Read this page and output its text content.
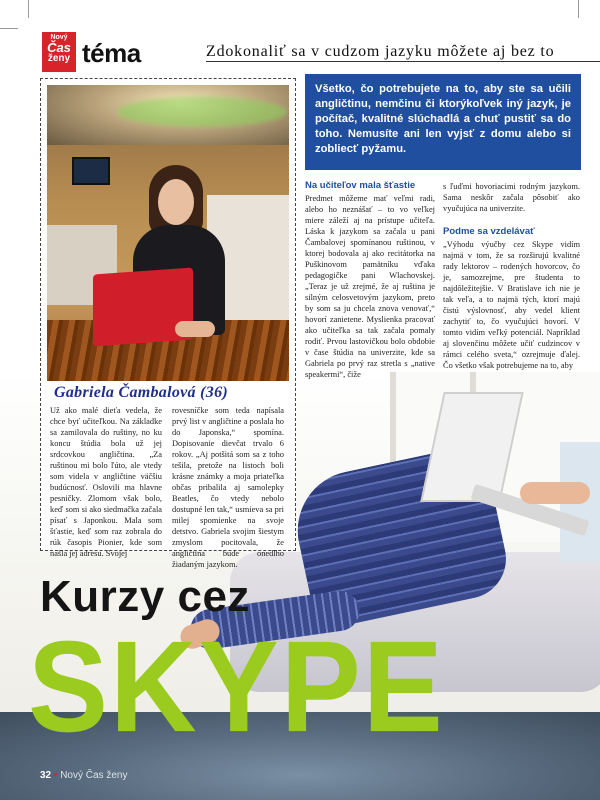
Nový
Čas
ženy téma	Zdokonaliť sa v cudzom jazyku môžete aj bez to
Všetko, čo potrebujete na to, aby ste sa učili angličtinu, nemčinu či ktorýkoľvek iný jazyk, je počítač, kvalitné slúchadlá a chuť pustiť sa do toho. Nemusíte ani len vyjsť z domu alebo si zobliecť pyžamu.
Na učiteľov mala šťastie
Predmet môžeme mať veľmi radi, alebo ho neznášať – to vo veľkej miere záleží aj na prístupe učiteľa. Láska k jazykom sa začala u pani Čambalovej spomínanou ruštinou, v ktorej bodovala aj ako recitátorka na Puškinovom pamätníku vďaka pedagogičke pani Wlachovskej. „Teraz je už zrejmé, že aj ruština je silným celosvetovým jazykom, preto by som sa ju chcela znova venovať,“ hovorí zanietene. Myslienka pracovať ako učiteľka sa tak začala pomaly rodiť. Prvou lastovičkou bolo obdobie v čase štúdia na univerzite, kde sa Gabriela po prvý raz stretla s „native speakermi“, čiže
s ľuďmi hovoriacimi rodným jazykom. Sama neskôr začala pôsobiť ako vyučujúca na univerzite.
Podme sa vzdelávať
„Výhodu výučby cez Skype vidím najmä v tom, že sa rozširujú kvalitné rady lektorov – rodených hovorcov, čo je, samozrejme, pre študenta to najdôležitejšie. V Bratislave ich nie je tak veľa, a to najmä tých, ktorí majú čistú výslovnosť, aby vedel klient zachytiť to, čo vyučujúci hovorí. V tomto vidím veľký potenciál. Napríklad aj slovenčinu môžete učiť cudzincov v rámci celého sveta,“ ozrejmuje ďalej. Čo všetko však potrebujeme na to, aby
Gabriela Čambalová (36)
Už ako malé dieťa vedela, že chce byť učiteľkou. Na základke sa zamilovala do ruštiny, no ku koncu štúdia bola už jej srdcovkou angličtina. „Za ruštinou mi bolo ľúto, ale vtedy som videla v angličtine väčšiu budúcnosť. Oslovili ma hlavne pesničky. Zlomom však bolo, keď som si ako siedmačka začala písať s Japonkou. Mala som šťastie, keď som raz zobrala do rúk časopis Pionier, kde som našla jej adresu. Svojej
rovesníčke som teda napísala prvý list v angličtine a poslala ho do Japonska,“ spomína. Dopisovanie dievčat trvalo 6 rokov. „Aj potšitá som sa z toho tešila, pretože na listoch boli krásne známky a moja priateľka občas pribalila aj samolepky Beatles, čo vtedy nebolo dostupné len tak,“ usmieva sa pri milej spomienke na svoje detstvo. Gabriela svojim šiestym zmyslom pocitovala, že angličtina bude onedlho žiadaným jazykom.
Kurzy cez
SKYPE
32 • Nový Čas ženy
